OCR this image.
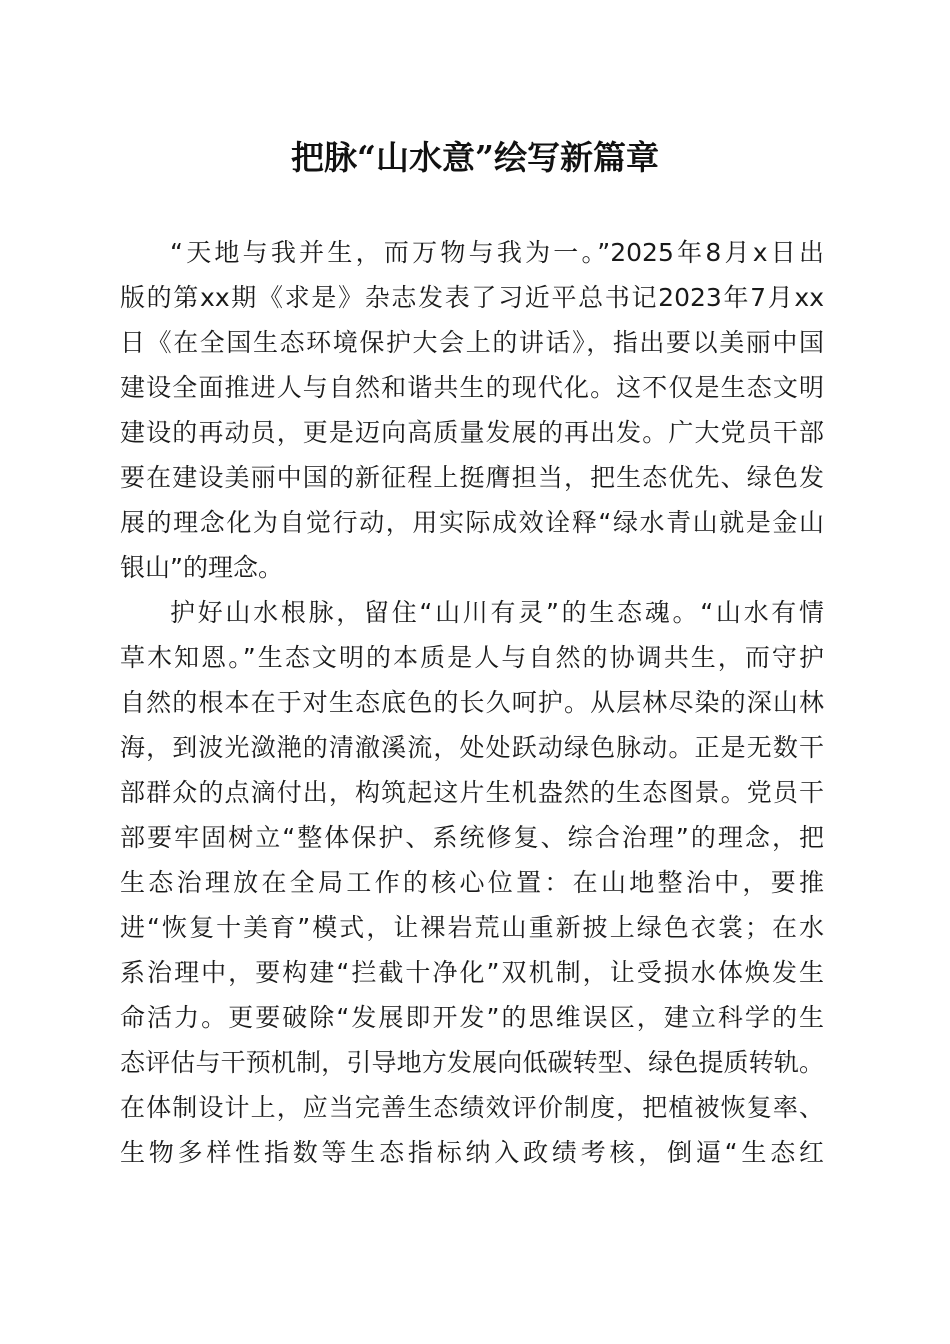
把脉“山水意”绘写新篇章
“天地与我并生，而万物与我为一。”2025年8月x日出
版的第xx期《求是》杂志发表了习近平总书记2023年7月xx
日《在全国生态环境保护大会上的讲话》，指出要以美丽中国
建设全面推进人与自然和谐共生的现代化。这不仅是生态文明
建设的再动员，更是迈向高质量发展的再出发。广大党员干部
要在建设美丽中国的新征程上挺膺担当，把生态优先、绿色发
展的理念化为自觉行动，用实际成效诠释“绿水青山就是金山
银山”的理念。
护好山水根脉，留住“山川有灵”的生态魂。“山水有情
草木知恩。”生态文明的本质是人与自然的协调共生，而守护
自然的根本在于对生态底色的长久呵护。从层林尽染的深山林
海，到波光潋滟的清澈溪流，处处跃动绿色脉动。正是无数干
部群众的点滴付出，构筑起这片生机盎然的生态图景。党员干
部要牢固树立“整体保护、系统修复、综合治理”的理念，把
生态治理放在全局工作的核心位置：在山地整治中，要推
进“恢复十美育”模式，让裸岩荒山重新披上绿色衣裳；在水
系治理中，要构建“拦截十净化”双机制，让受损水体焕发生
命活力。更要破除“发展即开发”的思维误区，建立科学的生
态评估与干预机制，引导地方发展向低碳转型、绿色提质转轨。
在体制设计上，应当完善生态绩效评价制度，把植被恢复率、
生物多样性指数等生态指标纳入政绩考核，倒逼“生态红
